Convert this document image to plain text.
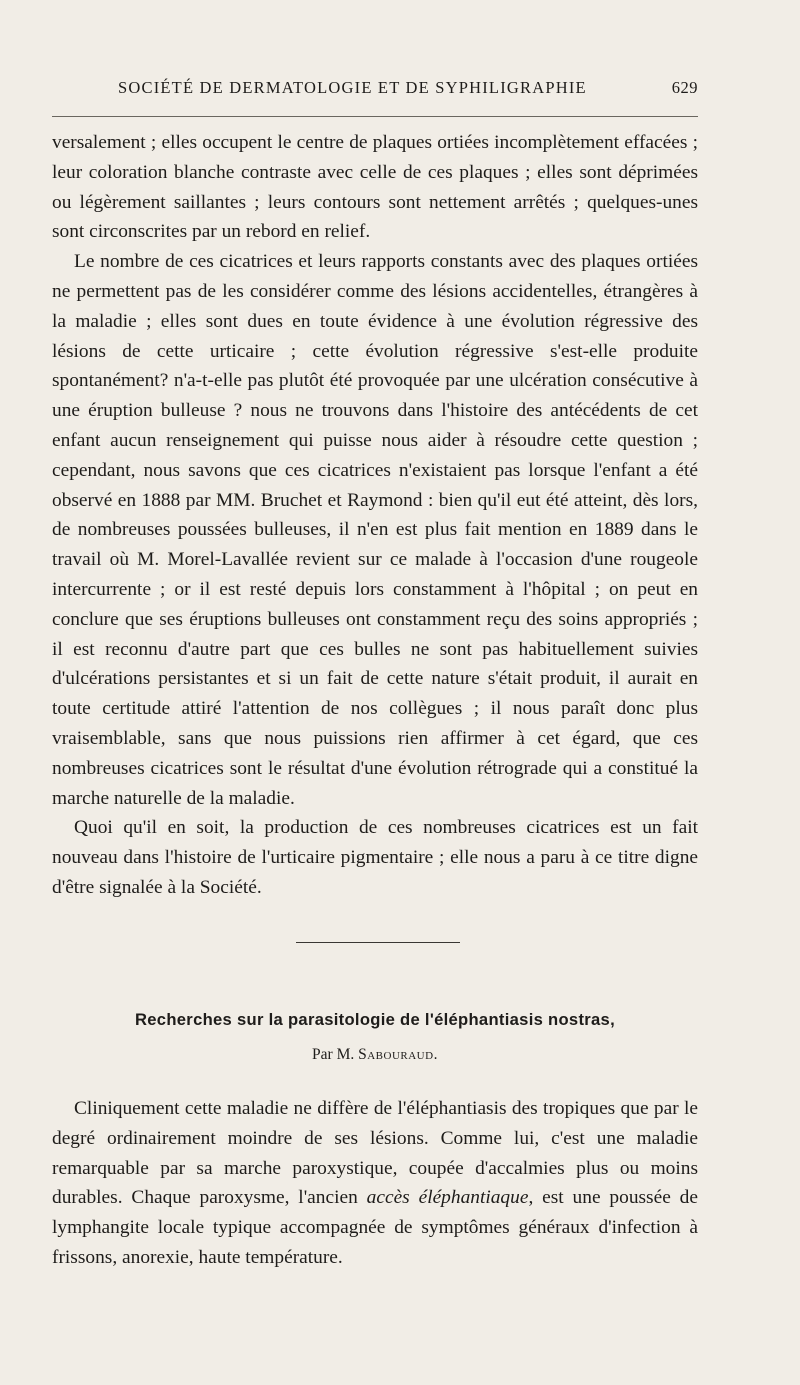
SOCIÉTÉ DE DERMATOLOGIE ET DE SYPHILIGRAPHIE	629

versalement ; elles occupent le centre de plaques ortiées incomplètement effacées ; leur coloration blanche contraste avec celle de ces plaques ; elles sont déprimées ou légèrement saillantes ; leurs contours sont nettement arrêtés ; quelques-unes sont circonscrites par un rebord en relief.

Le nombre de ces cicatrices et leurs rapports constants avec des plaques ortiées ne permettent pas de les considérer comme des lésions accidentelles, étrangères à la maladie ; elles sont dues en toute évidence à une évolution régressive des lésions de cette urticaire ; cette évolution régressive s'est-elle produite spontanément? n'a-t-elle pas plutôt été provoquée par une ulcération consécutive à une éruption bulleuse ? nous ne trouvons dans l'histoire des antécédents de cet enfant aucun renseignement qui puisse nous aider à résoudre cette question ; cependant, nous savons que ces cicatrices n'existaient pas lorsque l'enfant a été observé en 1888 par MM. Bruchet et Raymond : bien qu'il eut été atteint, dès lors, de nombreuses poussées bulleuses, il n'en est plus fait mention en 1889 dans le travail où M. Morel-Lavallée revient sur ce malade à l'occasion d'une rougeole intercurrente ; or il est resté depuis lors constamment à l'hôpital ; on peut en conclure que ses éruptions bulleuses ont constamment reçu des soins appropriés ; il est reconnu d'autre part que ces bulles ne sont pas habituellement suivies d'ulcérations persistantes et si un fait de cette nature s'était produit, il aurait en toute certitude attiré l'attention de nos collègues ; il nous paraît donc plus vraisemblable, sans que nous puissions rien affirmer à cet égard, que ces nombreuses cicatrices sont le résultat d'une évolution rétrograde qui a constitué la marche naturelle de la maladie.

Quoi qu'il en soit, la production de ces nombreuses cicatrices est un fait nouveau dans l'histoire de l'urticaire pigmentaire ; elle nous a paru à ce titre digne d'être signalée à la Société.

Recherches sur la parasitologie de l'éléphantiasis nostras,
Par M. Sabouraud.

Cliniquement cette maladie ne diffère de l'éléphantiasis des tropiques que par le degré ordinairement moindre de ses lésions. Comme lui, c'est une maladie remarquable par sa marche paroxystique, coupée d'accalmies plus ou moins durables. Chaque paroxysme, l'ancien accès éléphantiaque, est une poussée de lymphangite locale typique accompagnée de symptômes généraux d'infection à frissons, anorexie, haute température.
